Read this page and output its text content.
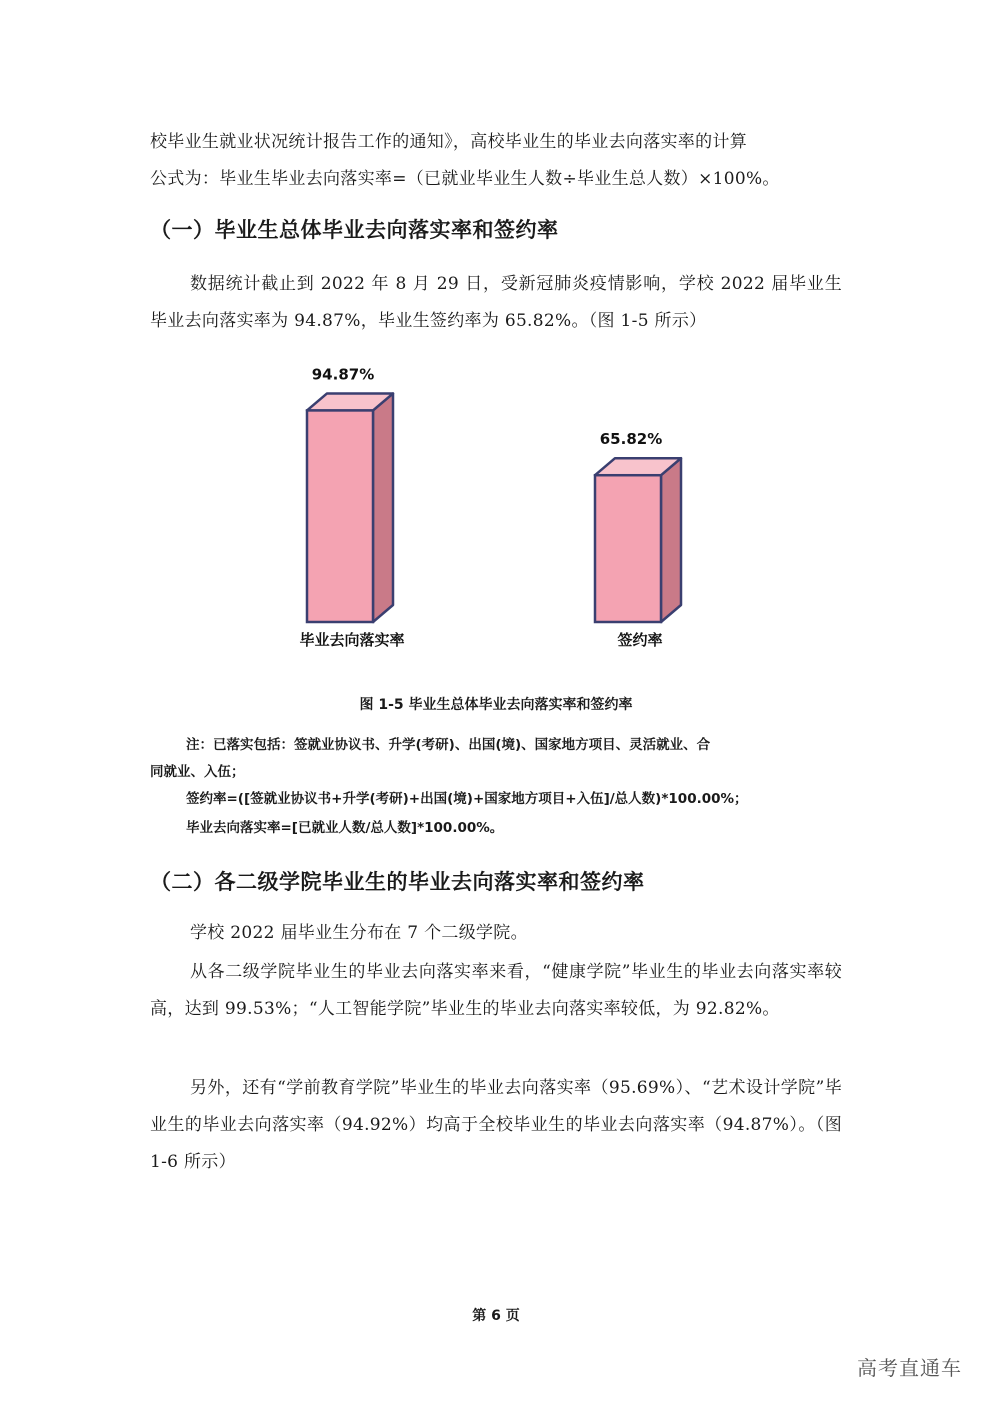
校毕业生就业状况统计报告工作的通知》，高校毕业生的毕业去向落实率的计算

公式为：毕业生毕业去向落实率=（已就业毕业生人数÷毕业生总人数）×100%。

（一）毕业生总体毕业去向落实率和签约率

数据统计截止到 2022 年 8 月 29 日，受新冠肺炎疫情影响，学校 2022 届毕业生毕业去向落实率为 94.87%，毕业生签约率为 65.82%。（图 1-5 所示）

94.87%
毕业去向落实率
65.82%
签约率

图 1-5 毕业生总体毕业去向落实率和签约率

注：已落实包括：签就业协议书、升学(考研)、出国(境)、国家地方项目、灵活就业、合

同就业、入伍；

签约率=([签就业协议书+升学(考研)+出国(境)+国家地方项目+入伍]/总人数)*100.00%；

毕业去向落实率=[已就业人数/总人数]*100.00%。

（二）各二级学院毕业生的毕业去向落实率和签约率

学校 2022 届毕业生分布在 7 个二级学院。

从各二级学院毕业生的毕业去向落实率来看，“健康学院”毕业生的毕业去向落实率较高，达到 99.53%；“人工智能学院”毕业生的毕业去向落实率较低，为 92.82%。

另外，还有“学前教育学院”毕业生的毕业去向落实率（95.69%）、“艺术设计学院”毕业生的毕业去向落实率（94.92%）均高于全校毕业生的毕业去向落实率（94.87%）。（图 1-6 所示）

第 6 页

高考直通车
